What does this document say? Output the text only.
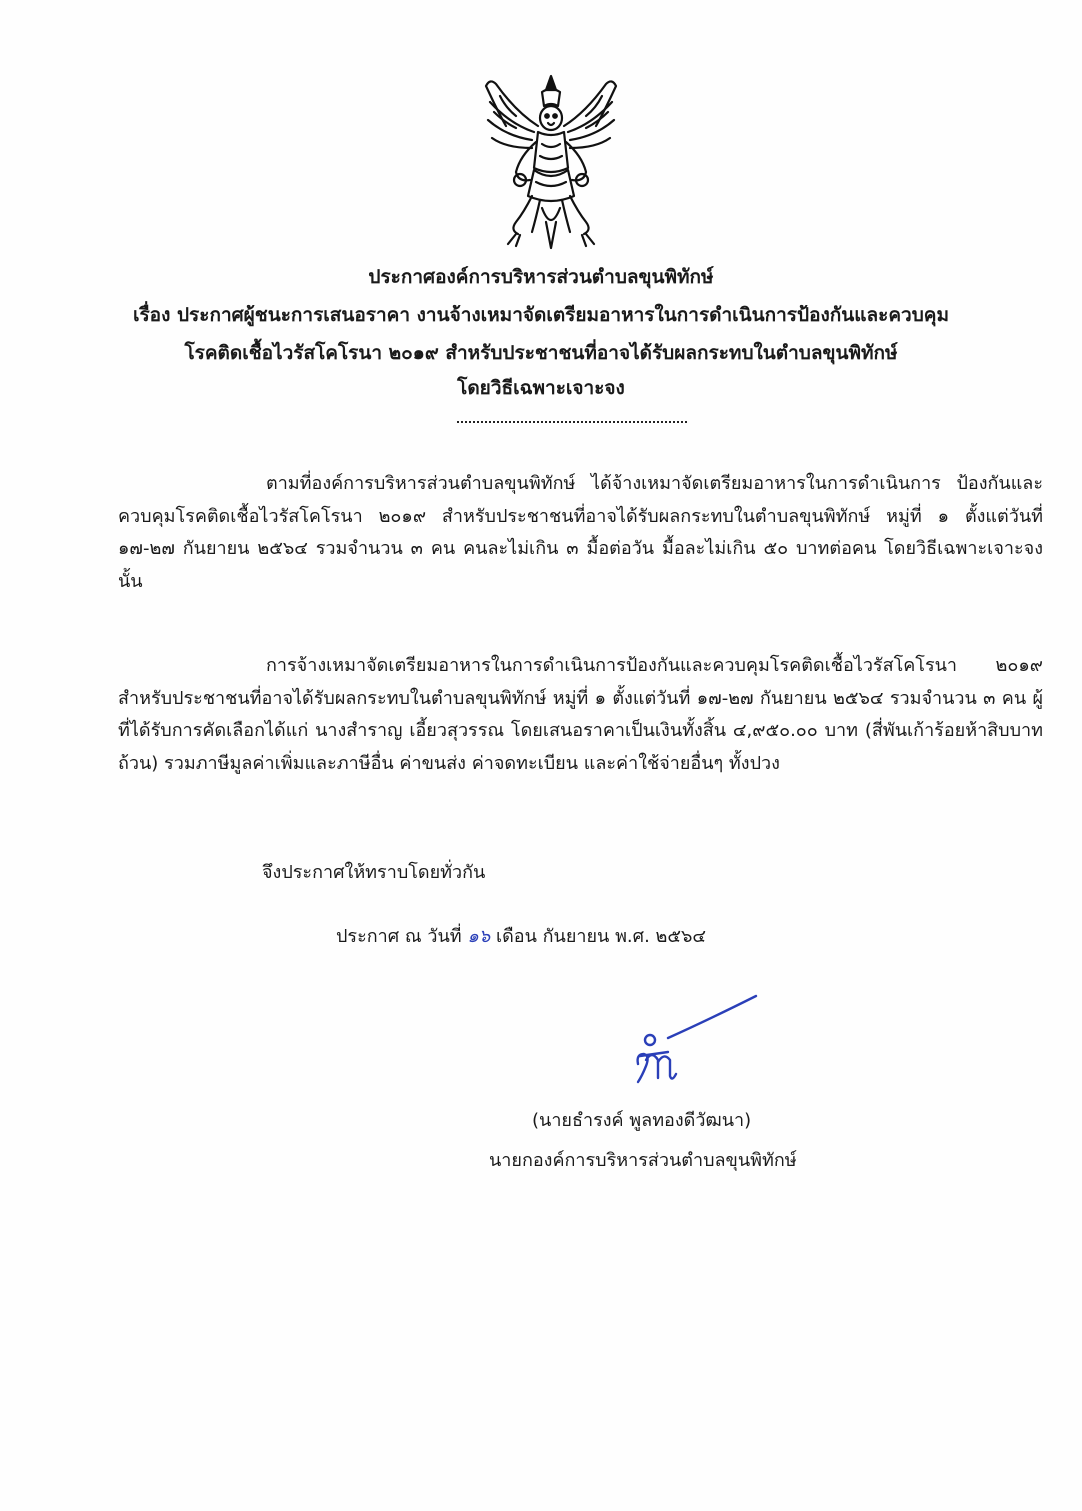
ประกาศองค์การบริหารส่วนตำบลขุนพิทักษ์
เรื่อง ประกาศผู้ชนะการเสนอราคา งานจ้างเหมาจัดเตรียมอาหารในการดำเนินการป้องกันและควบคุม
โรคติดเชื้อไวรัสโคโรนา ๒๐๑๙ สำหรับประชาชนที่อาจได้รับผลกระทบในตำบลขุนพิทักษ์
โดยวิธีเฉพาะเจาะจง
ตามที่องค์การบริหารส่วนตำบลขุนพิทักษ์ ได้จ้างเหมาจัดเตรียมอาหารในการดำเนินการ ป้องกันและควบคุมโรคติดเชื้อไวรัสโคโรนา ๒๐๑๙ สำหรับประชาชนที่อาจได้รับผลกระทบในตำบลขุนพิทักษ์ หมู่ที่ ๑ ตั้งแต่วันที่ ๑๗-๒๗ กันยายน ๒๕๖๔ รวมจำนวน ๓ คน คนละไม่เกิน ๓ มื้อต่อวัน มื้อละไม่เกิน ๕๐ บาทต่อคน โดยวิธีเฉพาะเจาะจง นั้น
การจ้างเหมาจัดเตรียมอาหารในการดำเนินการป้องกันและควบคุมโรคติดเชื้อไวรัสโคโรนา ๒๐๑๙ สำหรับประชาชนที่อาจได้รับผลกระทบในตำบลขุนพิทักษ์ หมู่ที่ ๑ ตั้งแต่วันที่ ๑๗-๒๗ กันยายน ๒๕๖๔ รวมจำนวน ๓ คน ผู้ที่ได้รับการคัดเลือกได้แก่ นางสำราญ เอี้ยวสุวรรณ โดยเสนอราคาเป็นเงินทั้งสิ้น ๔,๙๕๐.๐๐ บาท (สี่พันเก้าร้อยห้าสิบบาทถ้วน) รวมภาษีมูลค่าเพิ่มและภาษีอื่น ค่าขนส่ง ค่าจดทะเบียน และค่าใช้จ่ายอื่นๆ ทั้งปวง
จึงประกาศให้ทราบโดยทั่วกัน
ประกาศ ณ วันที่ ๑๖ เดือน กันยายน พ.ศ. ๒๕๖๔
(นายธำรงค์ พูลทองดีวัฒนา)
นายกองค์การบริหารส่วนตำบลขุนพิทักษ์
